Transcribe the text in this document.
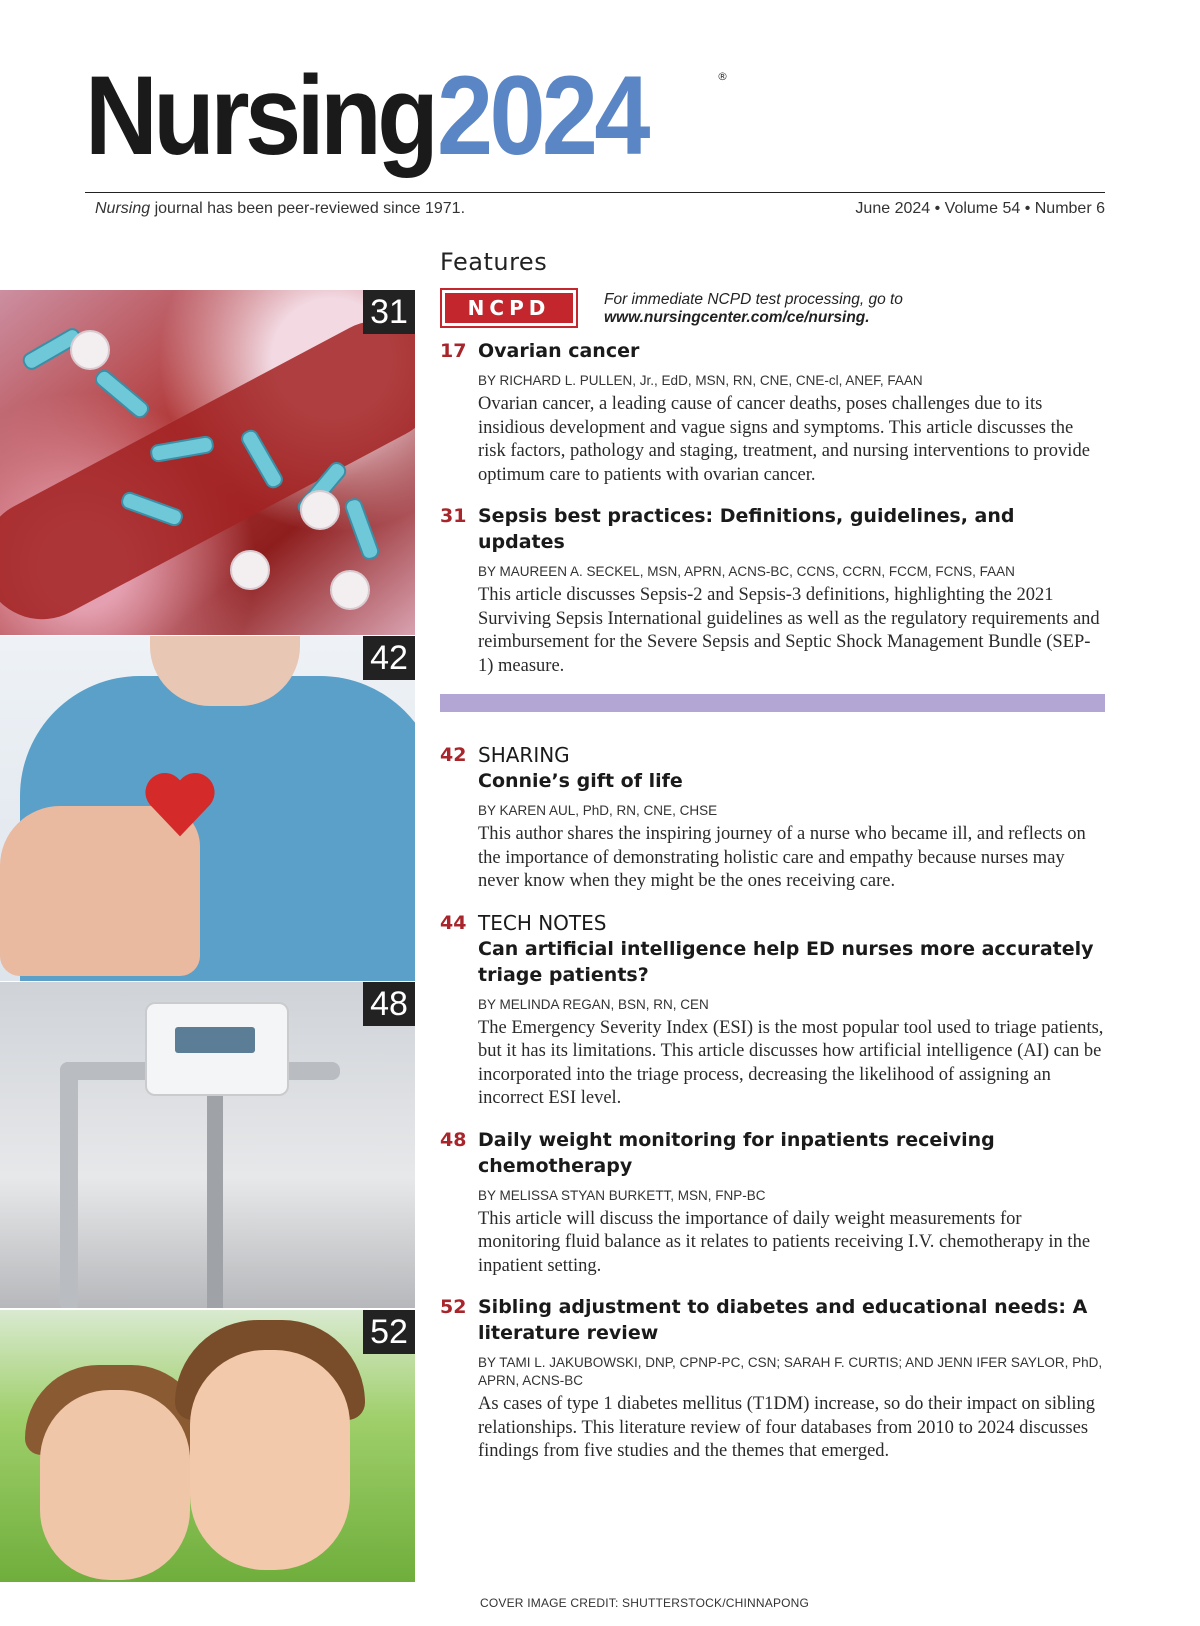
Nursing 2024	®
Nursing journal has been peer-reviewed since 1971.	June 2024 • Volume 54 • Number 6
31
42
48
52
Features
NCPD	For immediate NCPD test processing, go to
www.nursingcenter.com/ce/nursing.
17 Ovarian cancer
BY RICHARD L. PULLEN, Jr., EdD, MSN, RN, CNE, CNE-cl, ANEF, FAAN
Ovarian cancer, a leading cause of cancer deaths, poses challenges due to its insidious development and vague signs and symptoms. This article discusses the risk factors, pathology and staging, treatment, and nursing interventions to provide optimum care to patients with ovarian cancer.
31 Sepsis best practices: Definitions, guidelines, and updates
BY MAUREEN A. SECKEL, MSN, APRN, ACNS-BC, CCNS, CCRN, FCCM, FCNS, FAAN
This article discusses Sepsis-2 and Sepsis-3 definitions, highlighting the 2021 Surviving Sepsis International guidelines as well as the regulatory requirements and reimbursement for the Severe Sepsis and Septic Shock Management Bundle (SEP-1) measure.
42 SHARING
Connie’s gift of life
BY KAREN AUL, PhD, RN, CNE, CHSE
This author shares the inspiring journey of a nurse who became ill, and reflects on the importance of demonstrating holistic care and empathy because nurses may never know when they might be the ones receiving care.
44 TECH NOTES
Can artificial intelligence help ED nurses more accurately triage patients?
BY MELINDA REGAN, BSN, RN, CEN
The Emergency Severity Index (ESI) is the most popular tool used to triage patients, but it has its limitations. This article discusses how artificial intelligence (AI) can be incorporated into the triage process, decreasing the likelihood of assigning an incorrect ESI level.
48 Daily weight monitoring for inpatients receiving chemotherapy
BY MELISSA STYAN BURKETT, MSN, FNP-BC
This article will discuss the importance of daily weight measurements for monitoring fluid balance as it relates to patients receiving I.V. chemotherapy in the inpatient setting.
52 Sibling adjustment to diabetes and educational needs: A literature review
BY TAMI L. JAKUBOWSKI, DNP, CPNP-PC, CSN; SARAH F. CURTIS; AND JENN IFER SAYLOR, PhD, APRN, ACNS-BC
As cases of type 1 diabetes mellitus (T1DM) increase, so do their impact on sibling relationships. This literature review of four databases from 2010 to 2024 discusses findings from five studies and the themes that emerged.
COVER IMAGE CREDIT: SHUTTERSTOCK/CHINNAPONG
